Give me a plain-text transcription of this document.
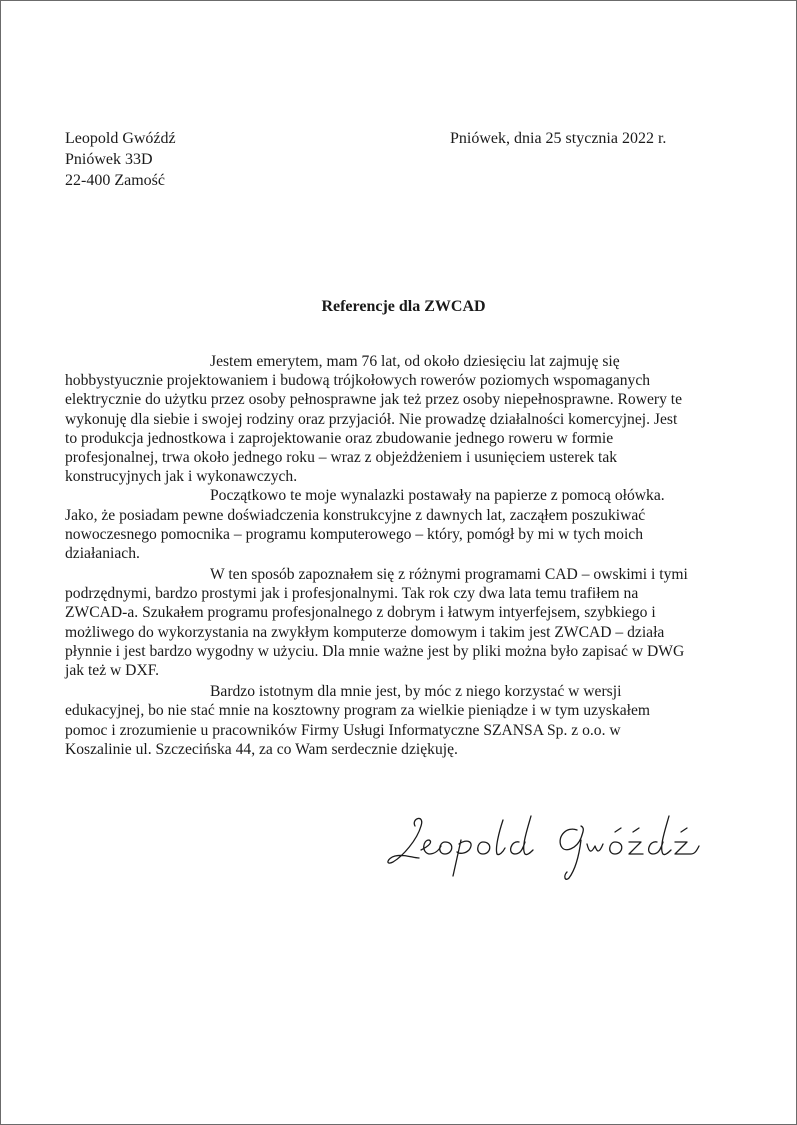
Leopold Gwóźdź
Pniówek 33D
22-400 Zamość
Pniówek, dnia 25 stycznia 2022 r.
Referencje dla ZWCAD
Jestem emerytem, mam 76 lat, od około dziesięciu lat zajmuję się
hobbystyucznie projektowaniem i budową trójkołowych rowerów poziomych wspomaganych
elektrycznie do użytku przez osoby pełnosprawne jak też przez osoby niepełnosprawne. Rowery te
wykonuję dla siebie i swojej rodziny oraz przyjaciół. Nie prowadzę działalności komercyjnej. Jest
to produkcja jednostkowa i zaprojektowanie oraz zbudowanie jednego roweru w formie
profesjonalnej, trwa około jednego roku – wraz z objeżdżeniem i usunięciem usterek tak
konstrucyjnych jak i wykonawczych.
Początkowo te moje wynalazki postawały na papierze z pomocą ołówka.
Jako, że posiadam pewne doświadczenia konstrukcyjne z dawnych lat, zacząłem poszukiwać
nowoczesnego pomocnika – programu komputerowego – który, pomógł by mi w tych moich
działaniach.
W ten sposób zapoznałem się z różnymi programami CAD – owskimi i tymi
podrzędnymi, bardzo prostymi jak i profesjonalnymi. Tak rok czy dwa lata temu trafiłem na
ZWCAD-a. Szukałem programu profesjonalnego z dobrym i łatwym intyerfejsem, szybkiego i
możliwego do wykorzystania na zwykłym komputerze domowym i takim jest ZWCAD – działa
płynnie i jest bardzo wygodny w użyciu. Dla mnie ważne jest by pliki można było zapisać w DWG
jak też w DXF.
Bardzo istotnym dla mnie jest, by móc z niego korzystać w wersji
edukacyjnej, bo nie stać mnie na kosztowny program za wielkie pieniądze i w tym uzyskałem
pomoc i zrozumienie u pracowników Firmy Usługi Informatyczne SZANSA Sp. z o.o. w
Koszalinie ul. Szczecińska 44, za co Wam serdecznie dziękuję.
